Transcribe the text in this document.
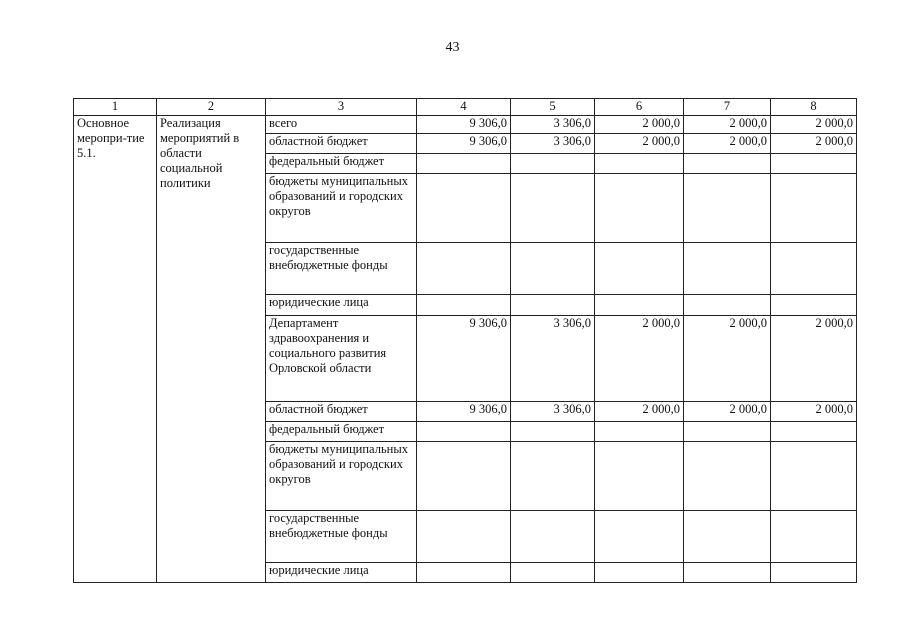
43
1	2	3	4	5	6	7	8
Основное меропри-тие 5.1.	Реализация мероприятий в области социальной политики	всего	9 306,0	3 306,0	2 000,0	2 000,0	2 000,0
		областной бюджет	9 306,0	3 306,0	2 000,0	2 000,0	2 000,0
		федеральный бюджет					
		бюджеты муниципальных образований и городских округов					
		государственные внебюджетные фонды					
		юридические лица					
		Департамент здравоохранения и социального развития Орловской области	9 306,0	3 306,0	2 000,0	2 000,0	2 000,0
		областной бюджет	9 306,0	3 306,0	2 000,0	2 000,0	2 000,0
		федеральный бюджет					
		бюджеты муниципальных образований и городских округов					
		государственные внебюджетные фонды					
		юридические лица					
